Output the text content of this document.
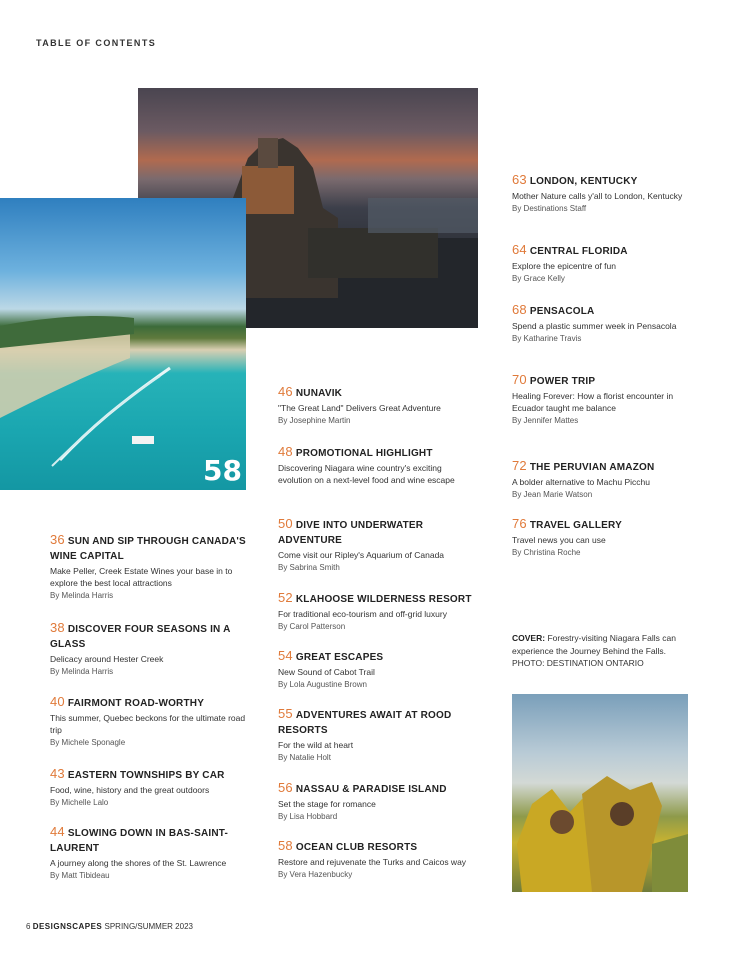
TABLE OF CONTENTS
58
36 SUN AND SIP THROUGH CANADA'S WINE CAPITAL
Make Peller, Creek Estate Wines your base in to explore the best local attractions
By Melinda Harris
38 DISCOVER FOUR SEASONS IN A GLASS
Delicacy around Hester Creek
By Melinda Harris
40 FAIRMONT ROAD-WORTHY
This summer, Quebec beckons for the ultimate road trip
By Michele Sponagle
43 EASTERN TOWNSHIPS BY CAR
Food, wine, history and the great outdoors
By Michelle Lalo
44 SLOWING DOWN IN BAS-SAINT-LAURENT
A journey along the shores of the St. Lawrence
By Matt Tibideau
46 NUNAVIK
"The Great Land" Delivers Great Adventure
By Josephine Martin
48 PROMOTIONAL HIGHLIGHT
Discovering Niagara wine country's exciting evolution on a next-level food and wine escape
50 DIVE INTO UNDERWATER ADVENTURE
Come visit our Ripley's Aquarium of Canada
By Sabrina Smith
52 KLAHOOSE WILDERNESS RESORT
For traditional eco-tourism and off-grid luxury
By Carol Patterson
54 GREAT ESCAPES
New Sound of Cabot Trail
By Lola Augustine Brown
55 ADVENTURES AWAIT AT ROOD RESORTS
For the wild at heart
By Natalie Holt
56 NASSAU & PARADISE ISLAND
Set the stage for romance
By Lisa Hobbard
58 OCEAN CLUB RESORTS
Restore and rejuvenate the Turks and Caicos way
By Vera Hazenbucky
63 LONDON, KENTUCKY
Mother Nature calls y'all to London, Kentucky
By Destinations Staff
64 CENTRAL FLORIDA
Explore the epicentre of fun
By Grace Kelly
68 PENSACOLA
Spend a plastic summer week in Pensacola
By Katharine Travis
70 POWER TRIP
Healing Forever: How a florist encounter in Ecuador taught me balance
By Jennifer Mattes
72 THE PERUVIAN AMAZON
A bolder alternative to Machu Picchu
By Jean Marie Watson
76 TRAVEL GALLERY
Travel news you can use
By Christina Roche
COVER: Forestry-visiting Niagara Falls can experience the Journey Behind the Falls.
PHOTO: DESTINATION ONTARIO
6 DESIGNSCAPES SPRING/SUMMER 2023
